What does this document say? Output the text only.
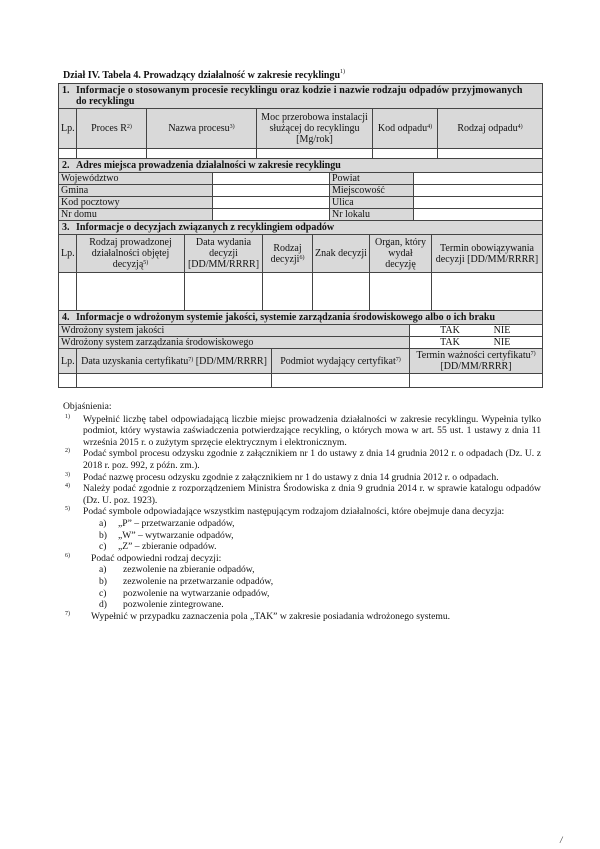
Dział IV. Tabela 4. Prowadzący działalność w zakresie recyklingu$^{1)}$
1. Informacje o stosowanym procesie recyklingu oraz kodzie i nazwie rodzaju odpadów przyjmowanych
do recyklingu					

Lp.	Proces $R^{2)}$	Nazwa procesu$^{3)}$	Moc przerobowa instalacji służącej do recyklingu [Mg/rok]	Kod odpadu$^{4)}$	Rodzaj odpadu$^{4)}$

2. Adres miejsca prowadzenia działalności w zakresie recyklingu			
Województwo		Powiat	
Gmina		Miejscowość	
Kod pocztowy		Ulica	
Nr domu		Nr lokalu	
3. Informacje o decyzjach związanych z recyklingiem odpadów						
Lp.	Rodzaj prowadzonej działalności objętej decyzją$^{5)}$	Data wydania decyzji [DD/MM/RRRR]	Rodzaj decyzji$^{6)}$	Znak decyzji	Organ, który wydał decyzję	Termin obowiązywania decyzji [DD/MM/RRRR]

4. Informacje o wdrożonym systemie jakości, systemie zarządzania środowiskowego albo o ich braku			
Wdrożony system jakości			TAK NIE
Wdrożony system zarządzania środowiskowego			TAK NIE
Lp.	Data uzyskania certyfikatu$^{7)}$ [DD/MM/RRRR]	Podmiot wydający certyfikat$^{7)}$	Termin ważności certyfikatu$^{7)}$
[DD/MM/RRRR]

Objaśnienia:
1) Wypełnić liczbę tabel odpowiadającą liczbie miejsc prowadzenia działalności w zakresie recyklingu. Wypełnia tylko podmiot, który wystawia zaświadczenia potwierdzające recykling, o których mowa w art. 55 ust. 1 ustawy z dnia 11 września 2015 r. o zużytym sprzęcie elektrycznym i elektronicznym.
2) Podać symbol procesu odzysku zgodnie z załącznikiem nr 1 do ustawy z dnia 14 grudnia 2012 r. o odpadach (Dz. U. z 2018 r. poz. 992, z późn. zm.).
3) Podać nazwę procesu odzysku zgodnie z załącznikiem nr 1 do ustawy z dnia 14 grudnia 2012 r. o odpadach.
4) Należy podać zgodnie z rozporządzeniem Ministra Środowiska z dnia 9 grudnia 2014 r. w sprawie katalogu odpadów (Dz. U. poz. 1923).
5) Podać symbole odpowiadające wszystkim następującym rodzajom działalności, które obejmuje dana decyzja:
a) „P” – przetwarzanie odpadów,
b) „W” – wytwarzanie odpadów,
c) „Z” – zbieranie odpadów.
6) Podać odpowiedni rodzaj decyzji:
a) zezwolenie na zbieranie odpadów,
b) zezwolenie na przetwarzanie odpadów,
c) pozwolenie na wytwarzanie odpadów,
d) pozwolenie zintegrowane.
7) Wypełnić w przypadku zaznaczenia pola „TAK” w zakresie posiadania wdrożonego systemu.
/
